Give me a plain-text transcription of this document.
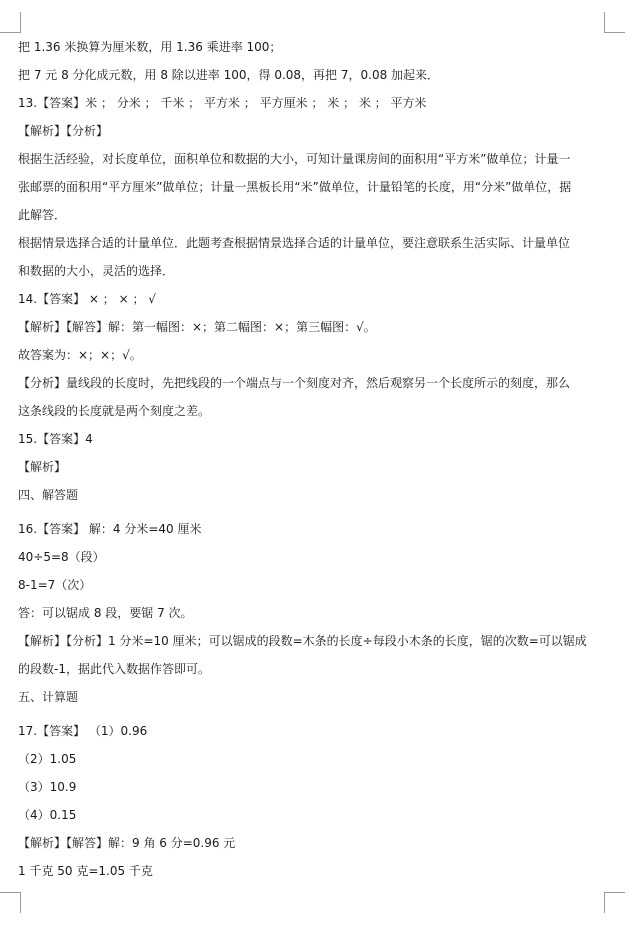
把 1.36 米换算为厘米数，用 1.36 乘进率 100；
把 7 元 8 分化成元数，用 8 除以进率 100，得 0.08，再把 7，0.08 加起来．
13.【答案】米 ； 分米 ； 千米 ； 平方米 ； 平方厘米 ； 米 ； 米 ； 平方米
【解析】【分析】
根据生活经验，对长度单位，面积单位和数据的大小，可知计量课房间的面积用“平方米”做单位；计量一
张邮票的面积用“平方厘米”做单位；计量一黑板长用“米”做单位，计量铅笔的长度，用“分米”做单位，据
此解答．
根据情景选择合适的计量单位．此题考查根据情景选择合适的计量单位，要注意联系生活实际、计量单位
和数据的大小，灵活的选择．
14.【答案】 × ； × ； √
【解析】【解答】解：第一幅图：×；第二幅图：×；第三幅图：√。
故答案为：×；×；√。
【分析】量线段的长度时，先把线段的一个端点与一个刻度对齐，然后观察另一个长度所示的刻度，那么
这条线段的长度就是两个刻度之差。
15.【答案】4
【解析】
四、解答题
16.【答案】 解：4 分米=40 厘米
40÷5=8（段）
8-1=7（次）
答：可以锯成 8 段，要锯 7 次。
【解析】【分析】1 分米=10 厘米；可以锯成的段数=木条的长度÷每段小木条的长度，锯的次数=可以锯成
的段数-1，据此代入数据作答即可。
五、计算题
17.【答案】 （1）0.96
（2）1.05
（3）10.9
（4）0.15
【解析】【解答】解：9 角 6 分=0.96 元
1 千克 50 克=1.05 千克
